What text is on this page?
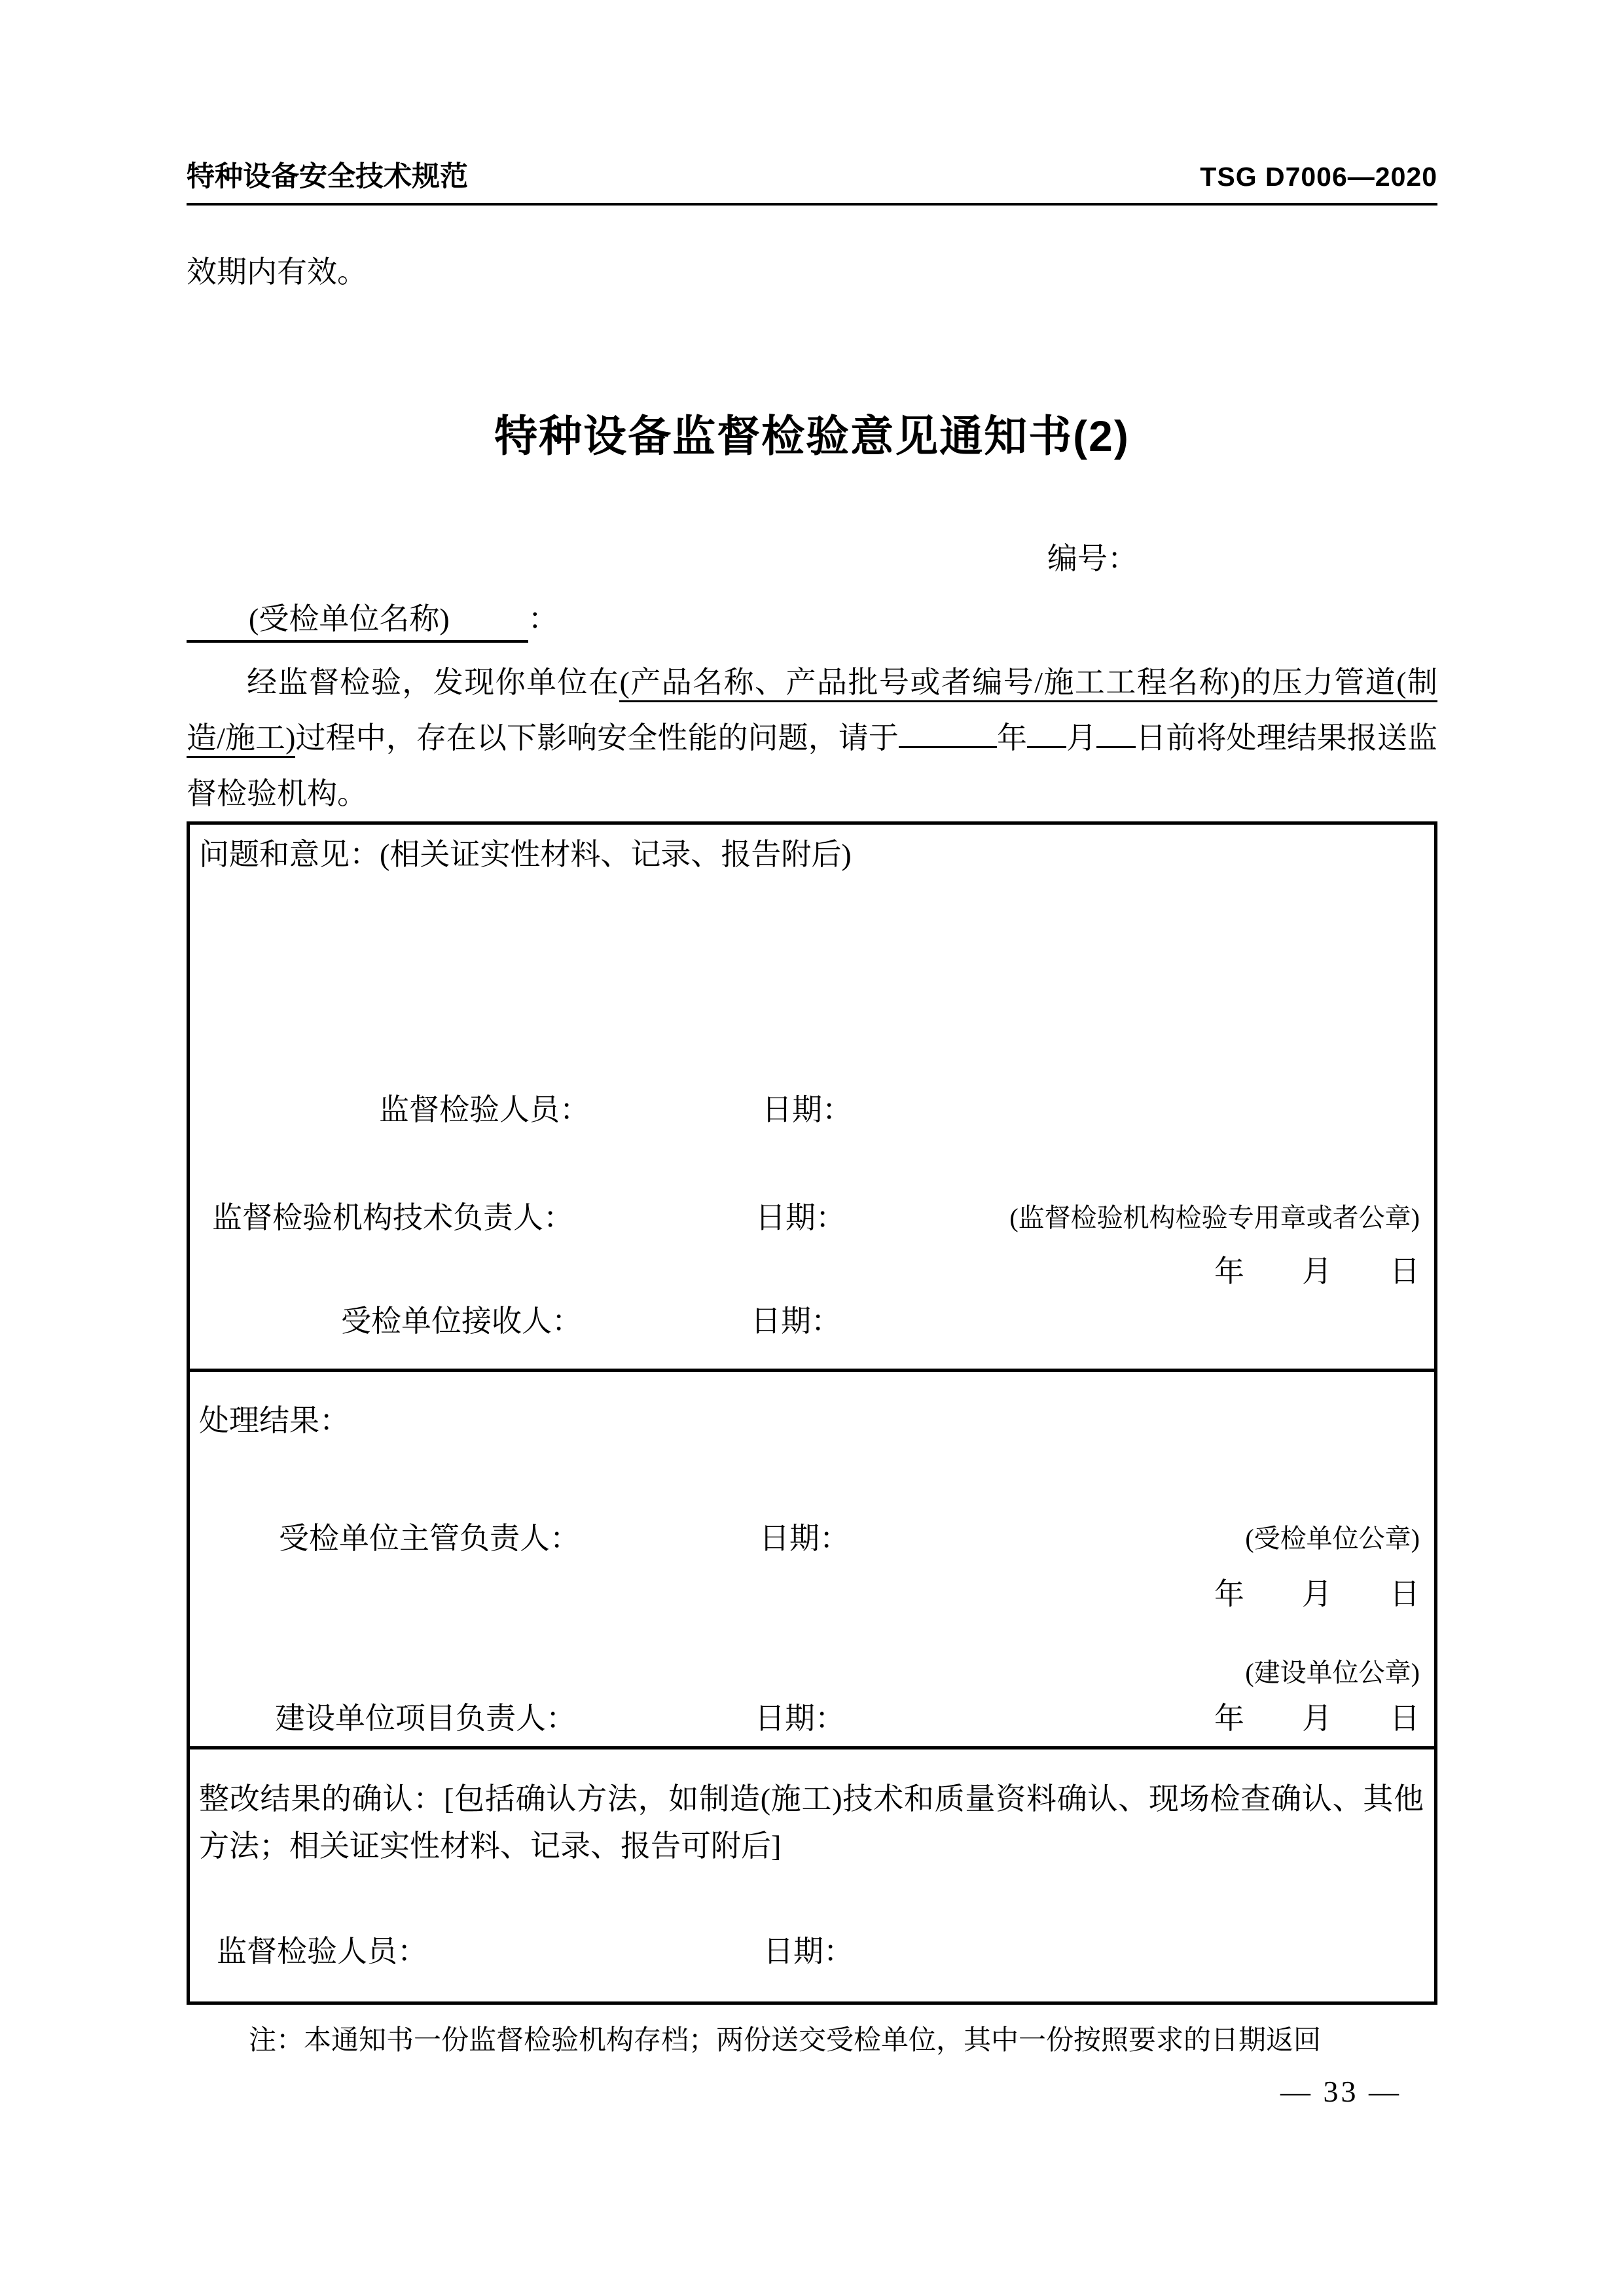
特种设备安全技术规范	TSG D7006—2020

效期内有效。

特种设备监督检验意见通知书(2)
编号：
(受检单位名称)	：

经监督检验，发现你单位在(产品名称、产品批号或者编号/施工工程名称)的压力管道(制造/施工)过程中，存在以下影响安全性能的问题，请于	年 月 日前将处理结果报送监督检验机构。

问题和意见：(相关证实性材料、记录、报告附后)
监督检验人员：	日期：
监督检验机构技术负责人：	日期：	(监督检验机构检验专用章或者公章)
年 月 日
受检单位接收人：	日期：
处理结果：
受检单位主管负责人：	日期：	(受检单位公章)
年 月 日
(建设单位公章)
建设单位项目负责人：	日期：	年 月 日

整改结果的确认：[包括确认方法，如制造(施工)技术和质量资料确认、现场检查确认、其他方法；相关证实性材料、记录、报告可附后]

监督检验人员：	日期：

注：本通知书一份监督检验机构存档；两份送交受检单位，其中一份按照要求的日期返回

— 33 —
